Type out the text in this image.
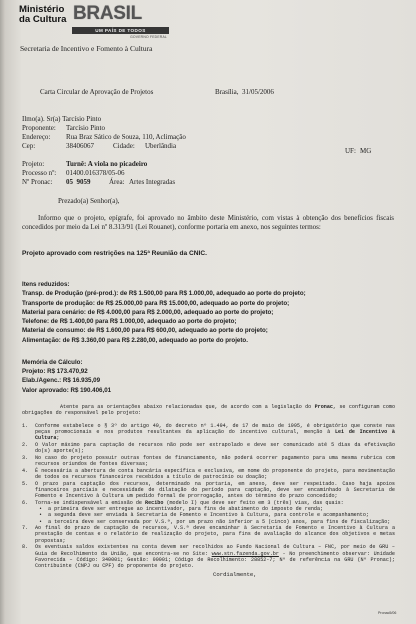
Ministério
da Cultura BRASIL
UM PAÍS DE TODOS
GOVERNO FEDERAL
Secretaria de Incentivo e Fomento à Cultura
Carta Circular de Aprovação de Projetos	Brasília,  31/05/2006
Ilmo(a). Sr(a) Tarcísio Pinto
Proponente: Tarcísio Pinto
Endereço: Rua Braz Sático de Souza, 110, Aclimação
Cep:	38406067	Cidade: Uberlândia
UF: MG
Projeto:	Turnê: A viola no picadeiro
Processo nº: 01400.016378/05-06
Nº Pronac: 05  9059	Área: Artes Integradas
Prezado(a) Senhor(a),
Informo que o projeto, epígrafe, foi aprovado no âmbito deste Ministério, com vistas à obtenção dos benefícios fiscais concedidos por meio da Lei nº 8.313/91 (Lei Rouanet), conforme portaria em anexo, nos seguintes termos:
Projeto aprovado com restrições na 125ª Reunião da CNIC.
Itens reduzidos:
Transp. de Produção (pré-prod.): de R$ 1.500,00 para R$ 1.000,00, adequado ao porte do projeto;
Transporte de produção: de R$ 25.000,00 para R$ 15.000,00, adequado ao porte do projeto;
Material para cenário: de R$ 4.000,00 para R$ 2.000,00, adequado ao porte do projeto;
Telefone: de R$ 1.400,00 para R$ 1.000,00, adequado ao porte do projeto;
Material de consumo: de R$ 1.600,00 para R$ 600,00, adequado ao porte do projeto;
Alimentação: de R$ 3.360,00 para R$ 2.280,00, adequado ao porte do projeto.
Memória de Cálculo:
Projeto: R$ 173.470,92
Elab./Agenc.: R$ 16.935,09
Valor aprovado: R$ 190.406,01
Atente para as orientações abaixo relacionadas que, de acordo com a legislação do Pronac, se configuram como obrigações do responsável pelo projeto:
1. Conforme estabelece o § 3º do artigo 40, do decreto nº 1.494, de 17 de maio de 1995, é obrigatório que conste nas peças promocionais e nos produtos resultantes da aplicação do incentivo cultural, menção à Lei de Incentivo à Cultura;
2. O Valor máximo para captação de recursos não pode ser extrapolado e deve ser comunicado até 5 dias da efetivação do(s) aporte(s);
3. No caso do projeto possuir outras fontes de financiamento, não poderá ocorrer pagamento para uma mesma rubrica com recursos oriundos de fontes diversas;
4. É necessária a abertura de conta bancária específica e exclusiva, em nome do proponente do projeto, para movimentação de todos os recursos financeiros recebidos a título de patrocínio ou doação;
5. O prazo para captação dos recursos, determinado na portaria, em anexo, deve ser respeitado. Caso haja apoios financeiros parciais e necessidade de dilatação do período para captação, deve ser encaminhado à Secretaria de Fomento e Incentivo à Cultura um pedido formal de prorrogação, antes do término do prazo concedido;
6. Torna-se indispensável a emissão de Recibo (modelo I) que deve ser feito em 3 (três) vias, das quais:
• a primeira deve ser entregue ao incentivador, para fins de abatimento do imposto de renda;
• a segunda deve ser enviada à Secretaria de Fomento e Incentivo à Cultura, para controle e acompanhamento;
• a terceira deve ser conservada por V.S.ª, por um prazo não inferior a 5 (cinco) anos, para fins de fiscalização;
7. Ao final do prazo de captação de recursos, V.S.ª deve encaminhar à Secretaria de Fomento e Incentivo à Cultura a prestação de contas e o relatório de realização do projeto, para fins de avaliação do alcance dos objetivos e metas propostas;
8. Os eventuais saldos existentes na conta devem ser recolhidos ao Fundo Nacional de Cultura – FNC, por meio de GRU – Guia de Recolhimento da União, que encontra-se no Site: www.stn.fazenda.gov.br - No preenchimento observar: Unidade Favorecida – Código: 340001; Gestão: 00001; Código de Recolhimento: 28852-7; Nº de referência na GRU (Nº Pronac); Contribuinte (CNPJ ou CPF) do proponente do projeto.
Cordialmente,
Pronac5/06
